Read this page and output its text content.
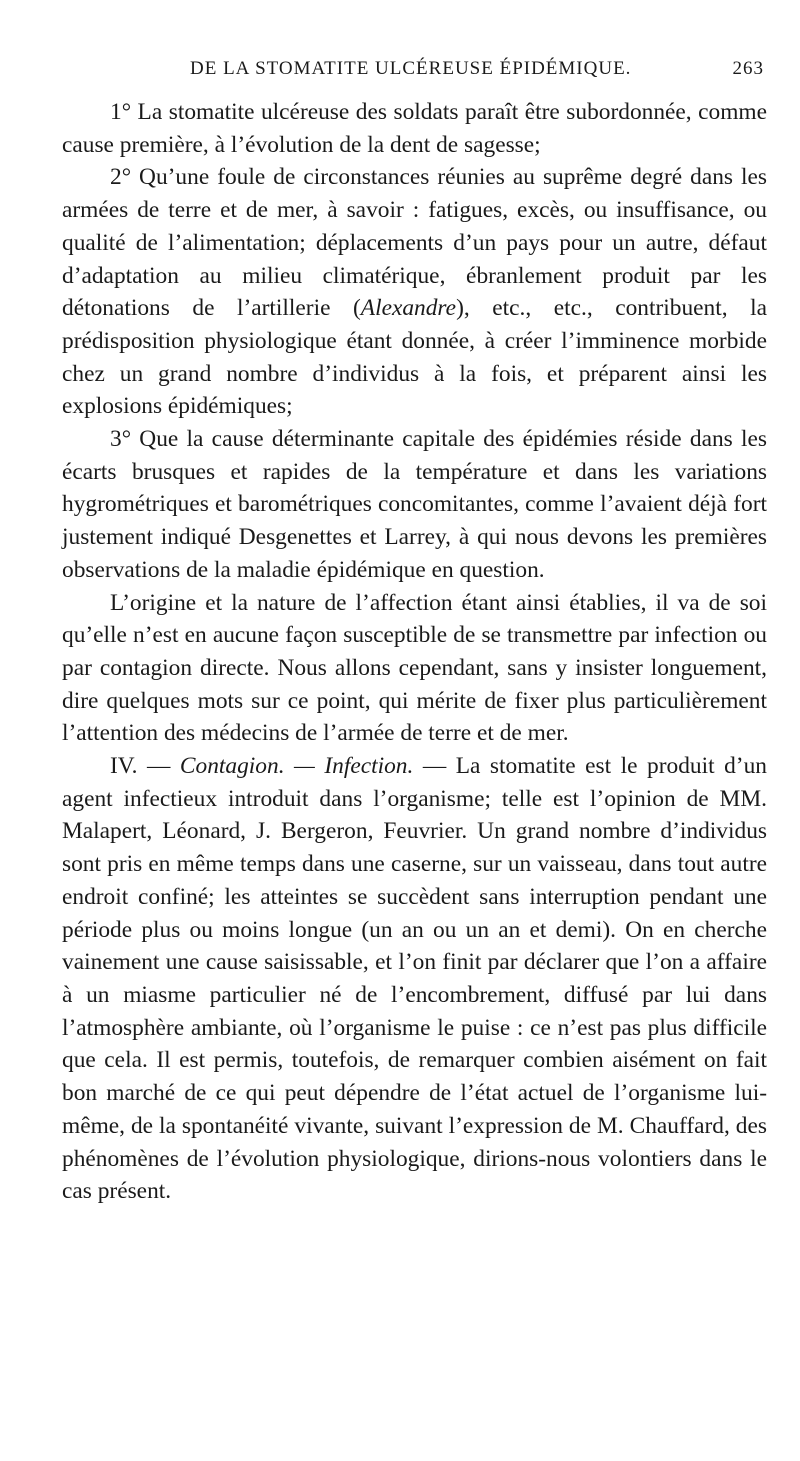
DE LA STOMATITE ULCÉREUSE ÉPIDÉMIQUE.	263

1° La stomatite ulcéreuse des soldats paraît être subordonnée, comme cause première, à l’évolution de la dent de sagesse;

2° Qu’une foule de circonstances réunies au suprême degré dans les armées de terre et de mer, à savoir : fatigues, excès, ou insuffisance, ou qualité de l’alimentation; déplacements d’un pays pour un autre, défaut d’adaptation au milieu climatérique, ébranlement produit par les détonations de l’artillerie (Alexandre), etc., etc., contribuent, la prédisposition physiologique étant donnée, à créer l’imminence morbide chez un grand nombre d’individus à la fois, et préparent ainsi les explosions épidémiques;

3° Que la cause déterminante capitale des épidémies réside dans les écarts brusques et rapides de la température et dans les variations hygrométriques et barométriques concomitantes, comme l’avaient déjà fort justement indiqué Desgenettes et Larrey, à qui nous devons les premières observations de la maladie épidémique en question.

L’origine et la nature de l’affection étant ainsi établies, il va de soi qu’elle n’est en aucune façon susceptible de se transmettre par infection ou par contagion directe. Nous allons cependant, sans y insister longuement, dire quelques mots sur ce point, qui mérite de fixer plus particulièrement l’attention des médecins de l’armée de terre et de mer.

IV. — Contagion. — Infection. — La stomatite est le produit d’un agent infectieux introduit dans l’organisme; telle est l’opinion de MM. Malapert, Léonard, J. Bergeron, Feuvrier. Un grand nombre d’individus sont pris en même temps dans une caserne, sur un vaisseau, dans tout autre endroit confiné; les atteintes se succèdent sans interruption pendant une période plus ou moins longue (un an ou un an et demi). On en cherche vainement une cause saisissable, et l’on finit par déclarer que l’on a affaire à un miasme particulier né de l’encombrement, diffusé par lui dans l’atmosphère ambiante, où l’organisme le puise : ce n’est pas plus difficile que cela. Il est permis, toutefois, de remarquer combien aisément on fait bon marché de ce qui peut dépendre de l’état actuel de l’organisme lui-même, de la spontanéité vivante, suivant l’expression de M. Chauffard, des phénomènes de l’évolution physiologique, dirions-nous volontiers dans le cas présent.
